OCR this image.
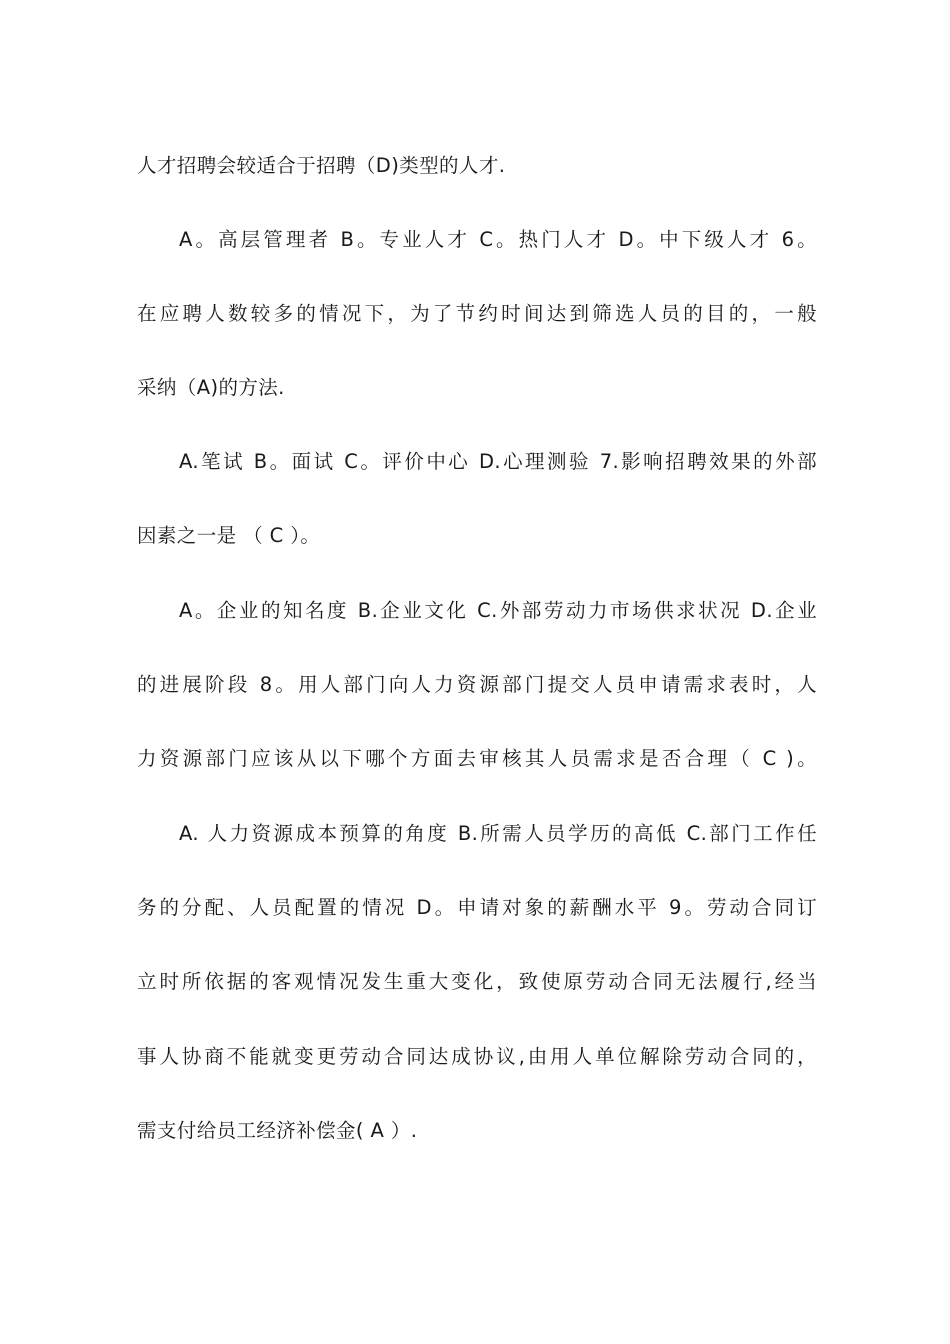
人才招聘会较适合于招聘（D)类型的人才.
A。高层管理者 B。专业人才 C。热门人才 D。中下级人才 6。
在应聘人数较多的情况下，为了节约时间达到筛选人员的目的，一般
采纳（A)的方法.
A.笔试 B。面试 C。评价中心 D.心理测验 7.影响招聘效果的外部
因素之一是 （ C ）。
A。企业的知名度 B.企业文化 C.外部劳动力市场供求状况 D.企业
的进展阶段 8。用人部门向人力资源部门提交人员申请需求表时，人
力资源部门应该从以下哪个方面去审核其人员需求是否合理（ C )。
A. 人力资源成本预算的角度 B.所需人员学历的高低 C.部门工作任
务的分配、人员配置的情况 D。申请对象的薪酬水平 9。劳动合同订
立时所依据的客观情况发生重大变化，致使原劳动合同无法履行,经当
事人协商不能就变更劳动合同达成协议,由用人单位解除劳动合同的，
需支付给员工经济补偿金( A ）.
